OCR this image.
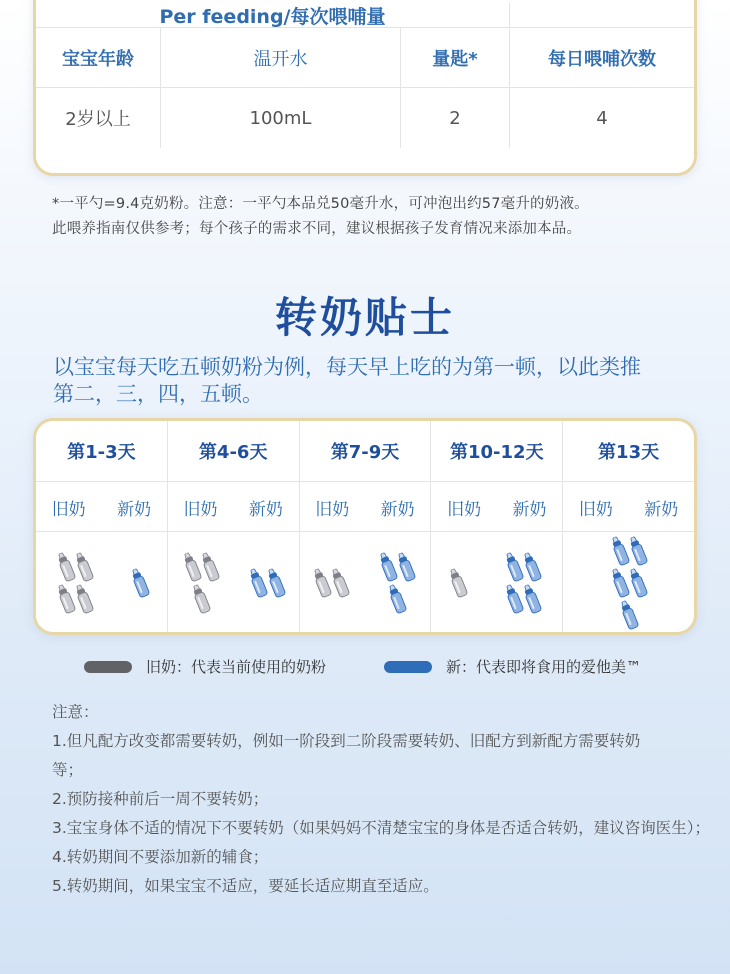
Per feeding/每次喂哺量
宝宝年龄	温开水	量匙*	每日喂哺次数
2岁以上	100mL	2	4
*一平勺=9.4克奶粉。注意：一平勺本品兑50毫升水，可冲泡出约57毫升的奶液。
此喂养指南仅供参考；每个孩子的需求不同，建议根据孩子发育情况来添加本品。
转奶贴士
以宝宝每天吃五顿奶粉为例，每天早上吃的为第一顿，以此类推
第二，三，四，五顿。
第1-3天	第4-6天	第7-9天	第10-12天	第13天
旧奶 新奶 旧奶 新奶 旧奶 新奶 旧奶 新奶 旧奶 新奶
旧奶：代表当前使用的奶粉	新：代表即将食用的爱他美™
注意：
1.但凡配方改变都需要转奶，例如一阶段到二阶段需要转奶、旧配方到新配方需要转奶
等；
2.预防接种前后一周不要转奶；
3.宝宝身体不适的情况下不要转奶（如果妈妈不清楚宝宝的身体是否适合转奶，建议咨询医生）；
4.转奶期间不要添加新的辅食；
5.转奶期间，如果宝宝不适应，要延长适应期直至适应。
